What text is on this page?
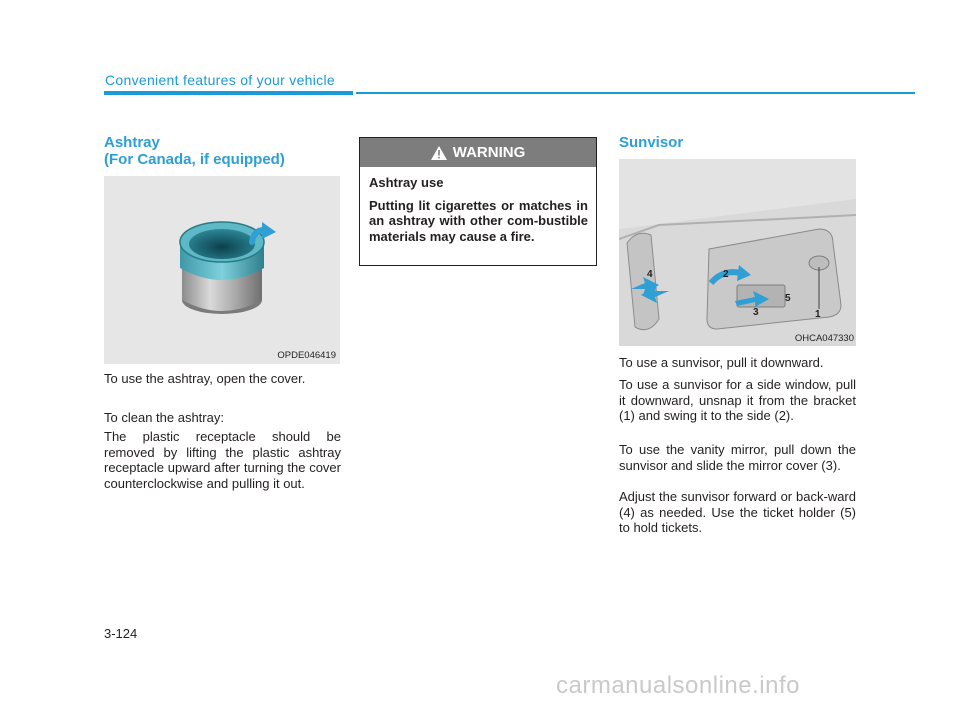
Convenient features of your vehicle
Ashtray
(For Canada, if equipped)
OPDE046419
To use the ashtray, open the cover.
To clean the ashtray:
The plastic receptacle should be removed by lifting the plastic ashtray receptacle upward after turning the cover counterclockwise and pulling it out.
WARNING

Ashtray use

Putting lit cigarettes or matches in an ashtray with other com-bustible materials may cause a fire.

Sunvisor
1
2
3
4
5
OHCA047330
To use a sunvisor, pull it downward.
To use a sunvisor for a side window, pull it downward, unsnap it from the bracket (1) and swing it to the side (2).
To use the vanity mirror, pull down the sunvisor and slide the mirror cover (3).
Adjust the sunvisor forward or back-ward (4) as needed. Use the ticket holder (5) to hold tickets.
3-124
carmanualsonline.info
